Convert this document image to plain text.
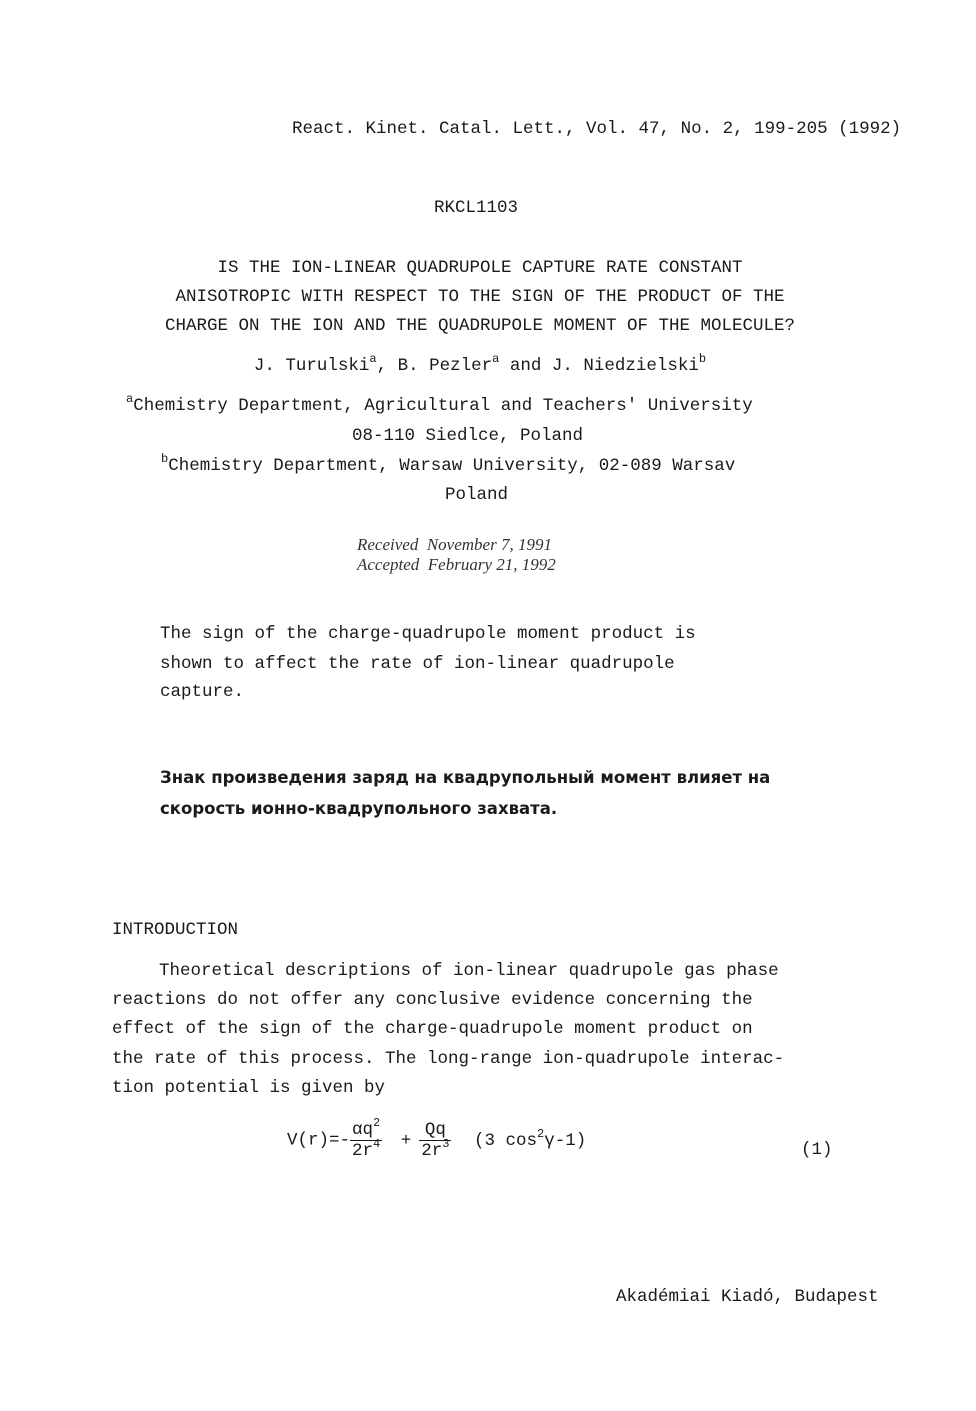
React. Kinet. Catal. Lett., Vol. 47, No. 2, 199-205 (1992)
RKCL1103
IS THE ION-LINEAR QUADRUPOLE CAPTURE RATE CONSTANT
ANISOTROPIC WITH RESPECT TO THE SIGN OF THE PRODUCT OF THE
CHARGE ON THE ION AND THE QUADRUPOLE MOMENT OF THE MOLECULE?
J. Turulski$^a$, B. Pezler$^a$ and J. Niedzielski$^b$
$^a$Chemistry Department, Agricultural and Teachers' University
08-110 Siedlce, Poland
$^b$Chemistry Department, Warsaw University, 02-089 Warsav
Poland
Received November 7, 1991
Accepted February 21, 1992
The sign of the charge-quadrupole moment product is
shown to affect the rate of ion-linear quadrupole
capture.
Знак произведения заряд на квадрупольный момент влияет на
скорость ионно-квадрупольного захвата.
INTRODUCTION
Theoretical descriptions of ion-linear quadrupole gas phase
reactions do not offer any conclusive evidence concerning the
effect of the sign of the charge-quadrupole moment product on
the rate of this process. The long-range ion-quadrupole interac-
tion potential is given by
$V(r)=- \frac{\alpha q^2}{2r^4} + \frac{Qq}{2r^3} (3$ $\cos^2\gamma-1$)	(1)
Akadémiai Kiadó, Budapest
